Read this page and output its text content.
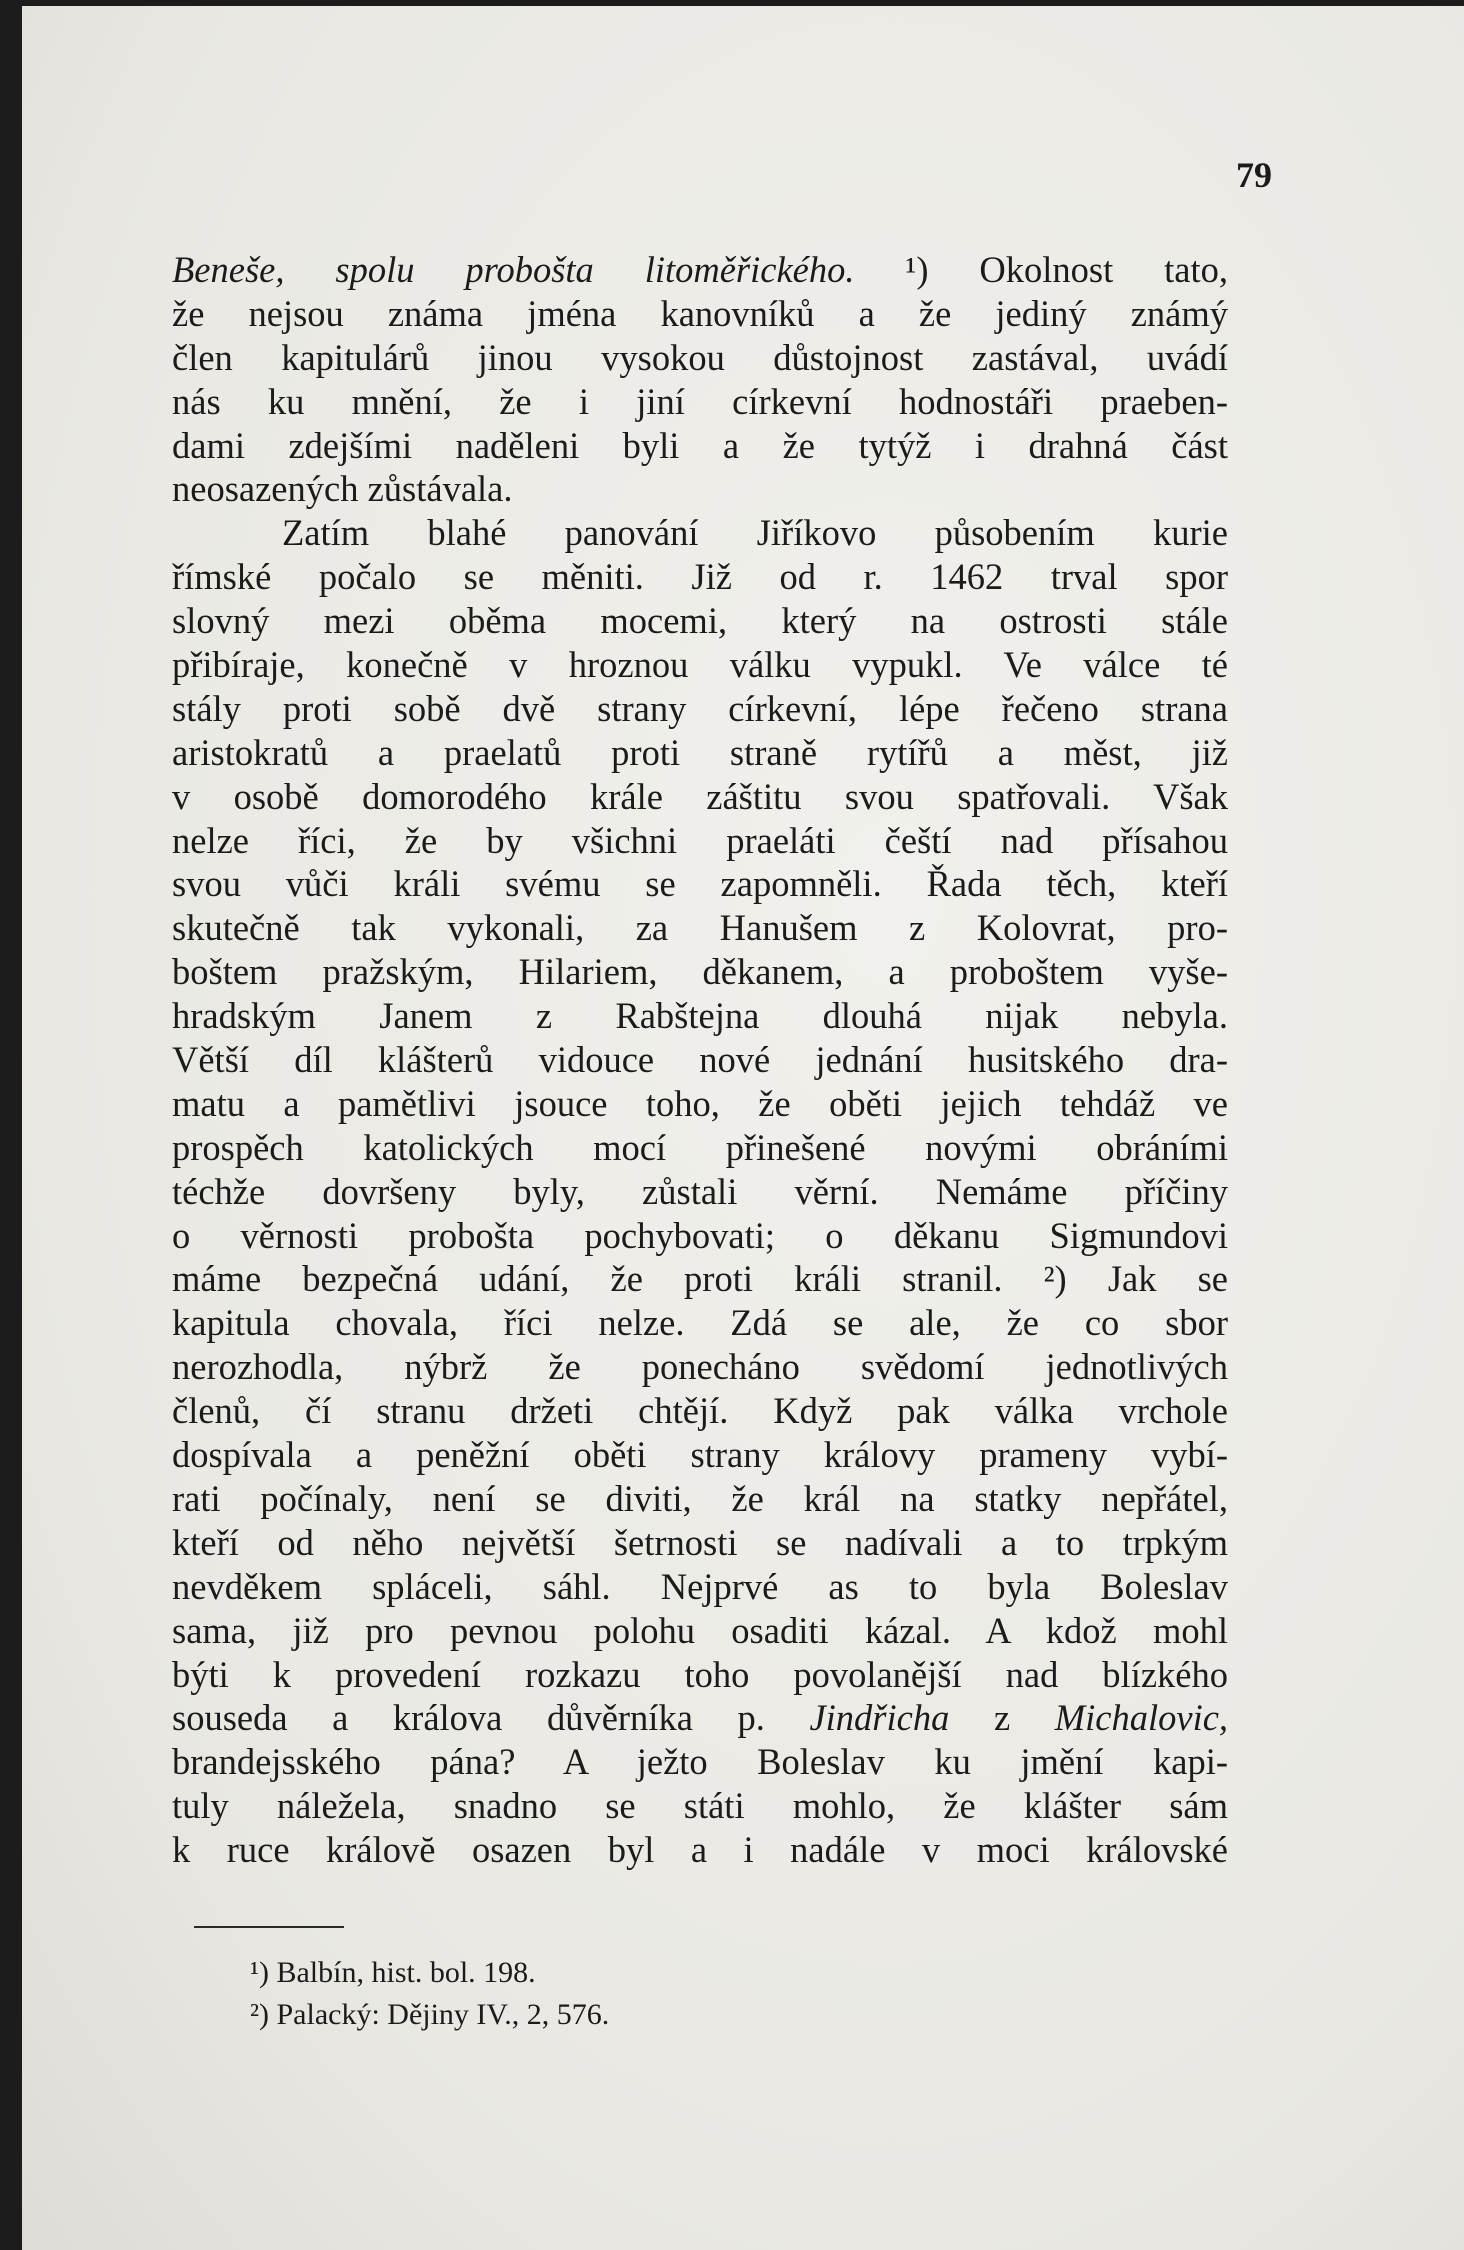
79
Beneše, spolu probošta litoměřického. ¹) Okolnost tato,
že nejsou známa jména kanovníků a že jediný známý
člen kapitulárů jinou vysokou důstojnost zastával, uvádí
nás ku mnění, že i jiní církevní hodnostáři praeben-
dami zdejšími naděleni byli a že tytýž i drahná část
neosazených zůstávala.
Zatím blahé panování Jiříkovo působením kurie
římské počalo se měniti. Již od r. 1462 trval spor
slovný mezi oběma mocemi, který na ostrosti stále
přibíraje, konečně v hroznou válku vypukl. Ve válce té
stály proti sobě dvě strany církevní, lépe řečeno strana
aristokratů a praelatů proti straně rytířů a měst, již
v osobě domorodého krále záštitu svou spatřovali. Však
nelze říci, že by všichni praeláti čeští nad přísahou
svou vůči králi svému se zapomněli. Řada těch, kteří
skutečně tak vykonali, za Hanušem z Kolovrat, pro-
boštem pražským, Hilariem, děkanem, a proboštem vyše-
hradským Janem z Rabštejna dlouhá nijak nebyla.
Větší díl klášterů vidouce nové jednání husitského dra-
matu a pamětlivi jsouce toho, že oběti jejich tehdáž ve
prospěch katolických mocí přinešené novými obráními
téchže dovršeny byly, zůstali věrní. Nemáme příčiny
o věrnosti probošta pochybovati; o děkanu Sigmundovi
máme bezpečná udání, že proti králi stranil. ²) Jak se
kapitula chovala, říci nelze. Zdá se ale, že co sbor
nerozhodla, nýbrž že ponecháno svědomí jednotlivých
členů, čí stranu držeti chtějí. Když pak válka vrchole
dospívala a peněžní oběti strany královy prameny vybí-
rati počínaly, není se diviti, že král na statky nepřátel,
kteří od něho největší šetrnosti se nadívali a to trpkým
nevděkem spláceli, sáhl. Nejprvé as to byla Boleslav
sama, již pro pevnou polohu osaditi kázal. A kdož mohl
býti k provedení rozkazu toho povolanější nad blízkého
souseda a králova důvěrníka p. Jindřicha z Michalovic,
brandejsského pána? A ježto Boleslav ku jmění kapi-
tuly náležela, snadno se státi mohlo, že klášter sám
k ruce královĕ osazen byl a i nadále v moci královské
¹) Balbín, hist. bol. 198.
²) Palacký: Dějiny IV., 2, 576.
